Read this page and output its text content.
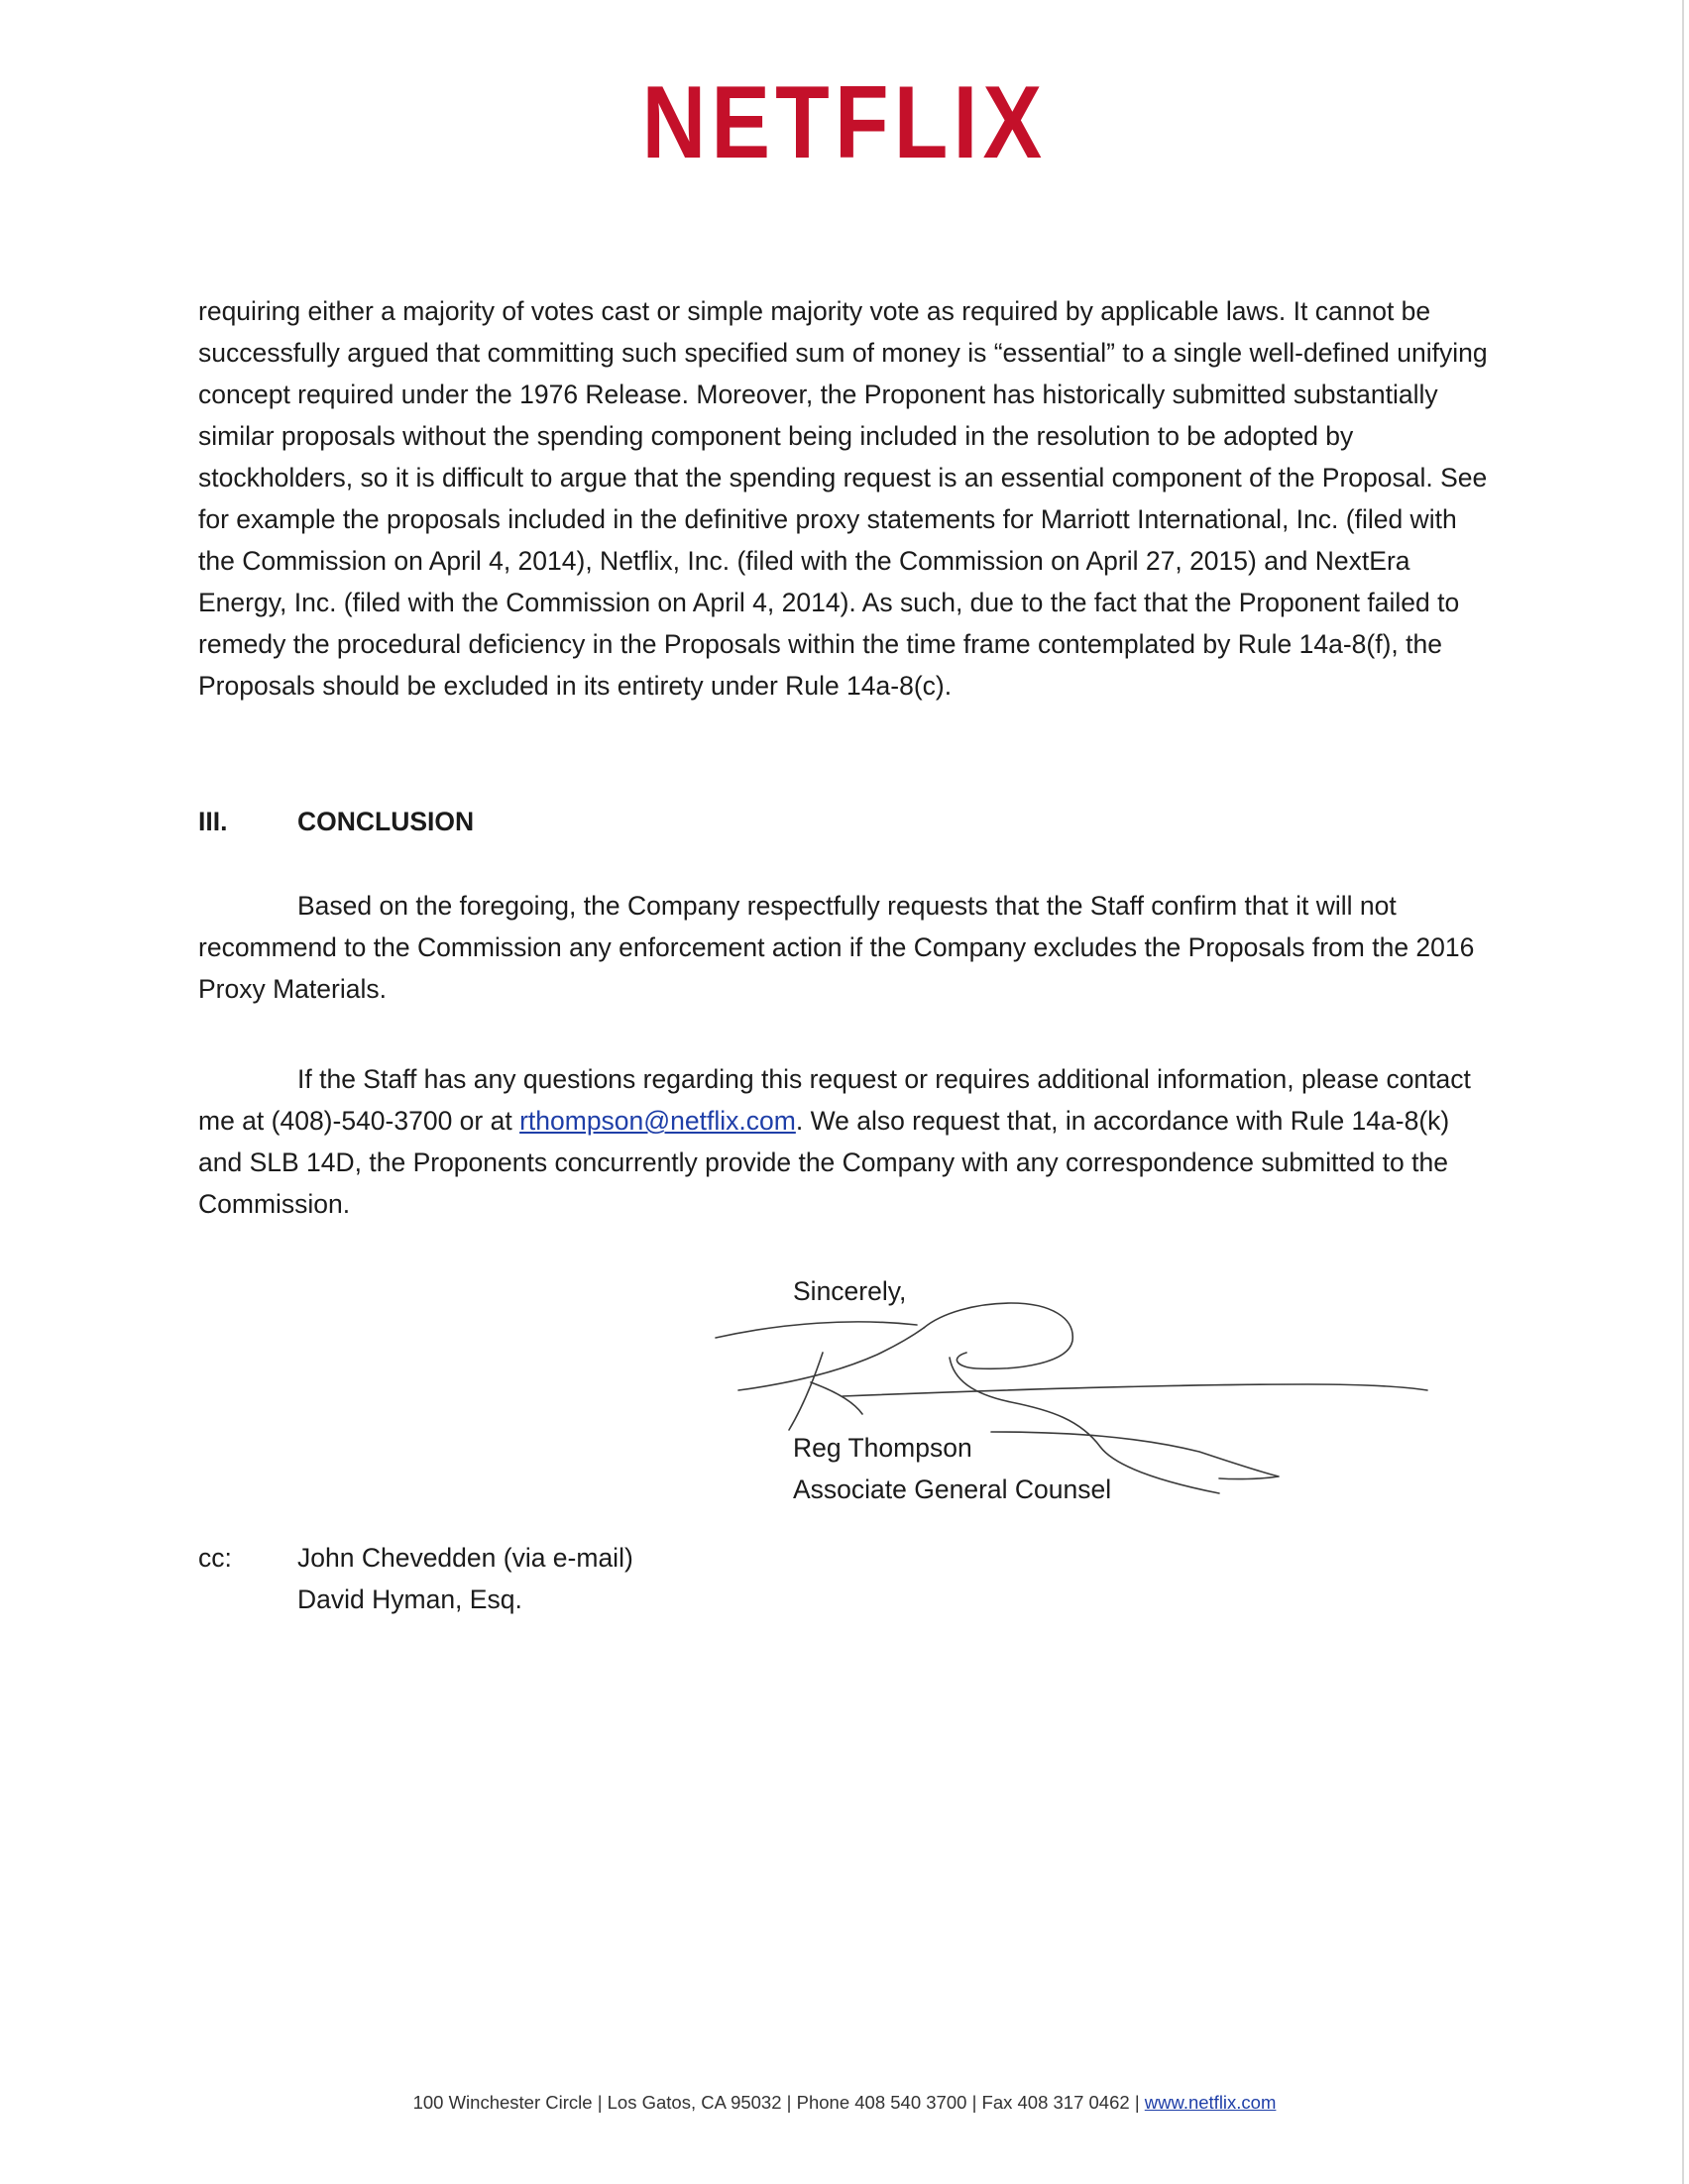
NETFLIX
requiring either a majority of votes cast or simple majority vote as required by applicable laws. It cannot be successfully argued that committing such specified sum of money is “essential” to a single well-defined unifying concept required under the 1976 Release. Moreover, the Proponent has historically submitted substantially similar proposals without the spending component being included in the resolution to be adopted by stockholders, so it is difficult to argue that the spending request is an essential component of the Proposal. See for example the proposals included in the definitive proxy statements for Marriott International, Inc. (filed with the Commission on April 4, 2014), Netflix, Inc. (filed with the Commission on April 27, 2015) and NextEra Energy, Inc. (filed with the Commission on April 4, 2014). As such, due to the fact that the Proponent failed to remedy the procedural deficiency in the Proposals within the time frame contemplated by Rule 14a-8(f), the Proposals should be excluded in its entirety under Rule 14a-8(c).
III.	CONCLUSION
Based on the foregoing, the Company respectfully requests that the Staff confirm that it will not recommend to the Commission any enforcement action if the Company excludes the Proposals from the 2016 Proxy Materials.
If the Staff has any questions regarding this request or requires additional information, please contact me at (408)-540-3700 or at rthompson@netflix.com. We also request that, in accordance with Rule 14a-8(k) and SLB 14D, the Proponents concurrently provide the Company with any correspondence submitted to the Commission.
Sincerely,
Reg Thompson
Associate General Counsel
cc: John Chevedden (via e-mail)
David Hyman, Esq.
100 Winchester Circle | Los Gatos, CA 95032 | Phone 408 540 3700 | Fax 408 317 0462 | www.netflix.com
